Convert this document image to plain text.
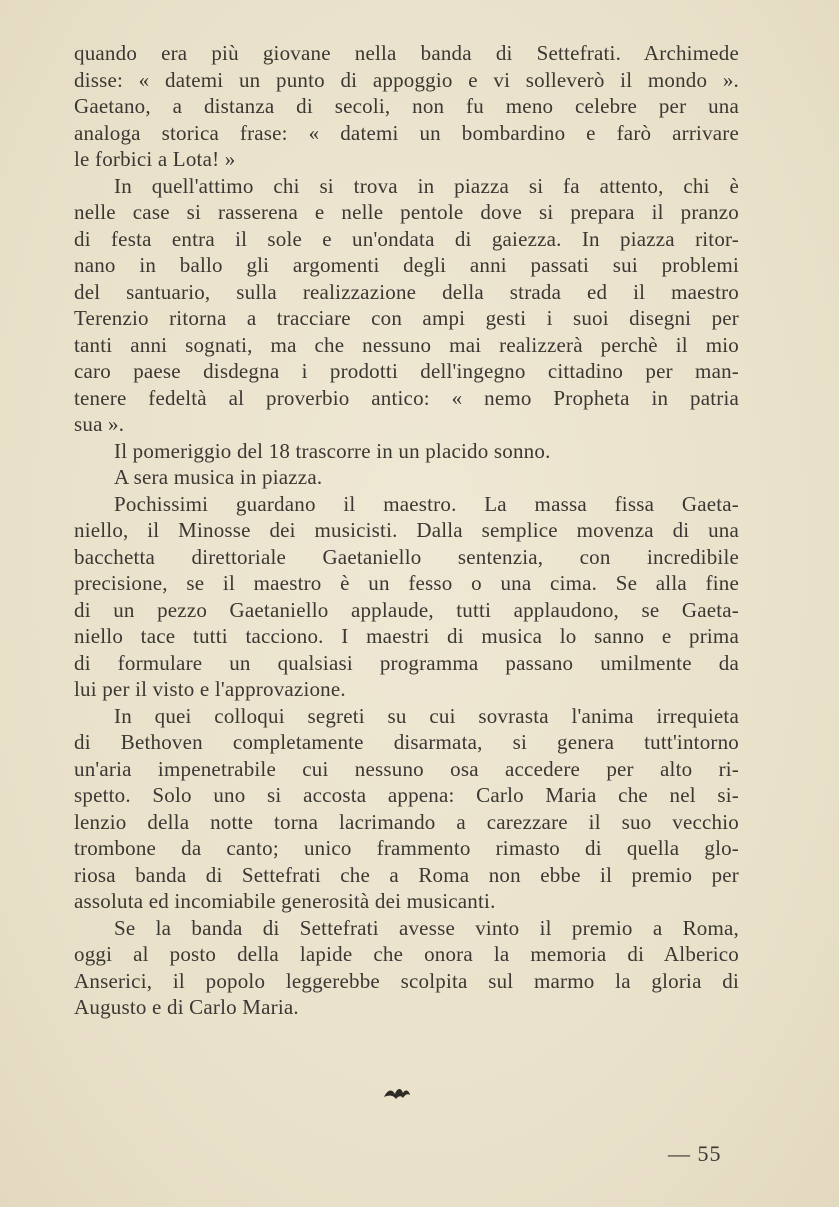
quando era più giovane nella banda di Settefrati. Archimede
disse: « datemi un punto di appoggio e vi solleverò il mondo ».
Gaetano, a distanza di secoli, non fu meno celebre per una
analoga storica frase: « datemi un bombardino e farò arrivare
le forbici a Lota! »
In quell'attimo chi si trova in piazza si fa attento, chi è
nelle case si rasserena e nelle pentole dove si prepara il pranzo
di festa entra il sole e un'ondata di gaiezza. In piazza ritor-
nano in ballo gli argomenti degli anni passati sui problemi
del santuario, sulla realizzazione della strada ed il maestro
Terenzio ritorna a tracciare con ampi gesti i suoi disegni per
tanti anni sognati, ma che nessuno mai realizzerà perchè il mio
caro paese disdegna i prodotti dell'ingegno cittadino per man-
tenere fedeltà al proverbio antico: « nemo Propheta in patria
sua ».
Il pomeriggio del 18 trascorre in un placido sonno.
A sera musica in piazza.
Pochissimi guardano il maestro. La massa fissa Gaeta-
niello, il Minosse dei musicisti. Dalla semplice movenza di una
bacchetta direttoriale Gaetaniello sentenzia, con incredibile
precisione, se il maestro è un fesso o una cima. Se alla fine
di un pezzo Gaetaniello applaude, tutti applaudono, se Gaeta-
niello tace tutti tacciono. I maestri di musica lo sanno e prima
di formulare un qualsiasi programma passano umilmente da
lui per il visto e l'approvazione.
In quei colloqui segreti su cui sovrasta l'anima irrequieta
di Bethoven completamente disarmata, si genera tutt'intorno
un'aria impenetrabile cui nessuno osa accedere per alto ri-
spetto. Solo uno si accosta appena: Carlo Maria che nel si-
lenzio della notte torna lacrimando a carezzare il suo vecchio
trombone da canto; unico frammento rimasto di quella glo-
riosa banda di Settefrati che a Roma non ebbe il premio per
assoluta ed incomiabile generosità dei musicanti.
Se la banda di Settefrati avesse vinto il premio a Roma,
oggi al posto della lapide che onora la memoria di Alberico
Anserici, il popolo leggerebbe scolpita sul marmo la gloria di
Augusto e di Carlo Maria.
— 55
